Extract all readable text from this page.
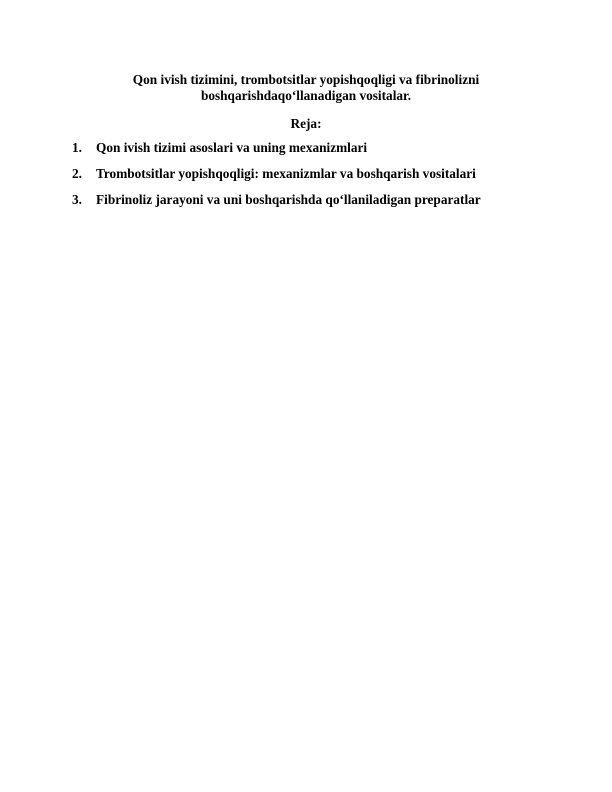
Qon ivish tizimini, trombotsitlar yopishqoqligi va fibrinolizni
boshqarishdaqo‘llanadigan vositalar.
Reja:
1. Qon ivish tizimi asoslari va uning mexanizmlari
2. Trombotsitlar yopishqoqligi: mexanizmlar va boshqarish vositalari
3. Fibrinoliz jarayoni va uni boshqarishda qo‘llaniladigan preparatlar
